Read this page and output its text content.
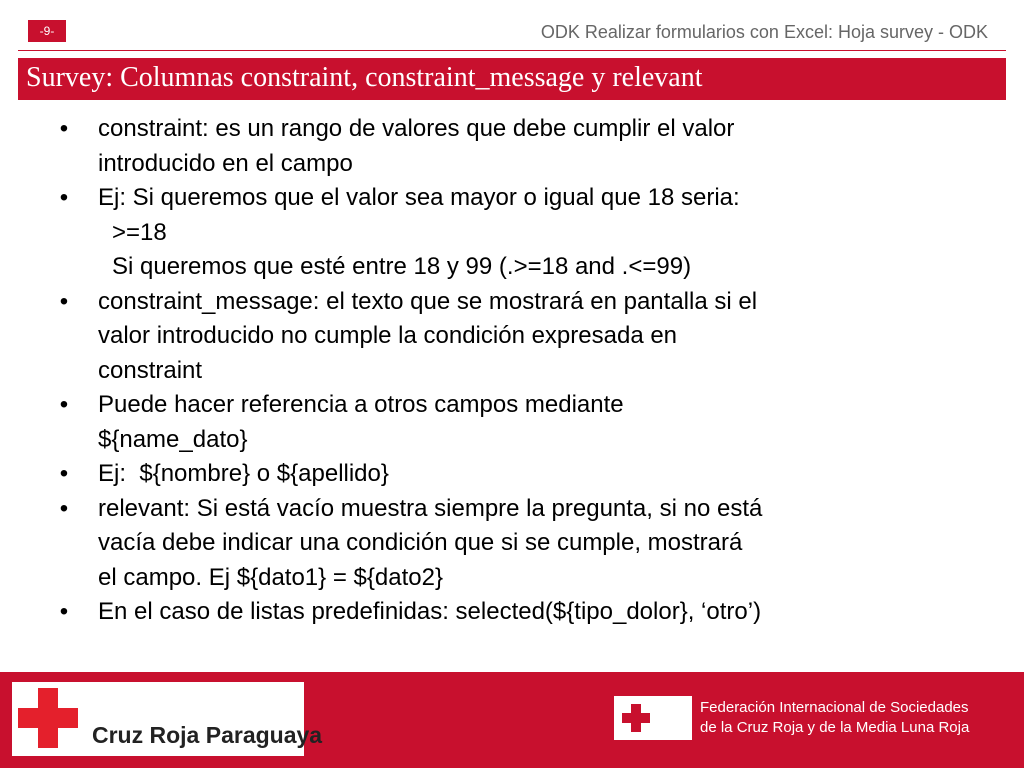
-9-	ODK Realizar formularios con Excel: Hoja survey - ODK
Survey: Columnas constraint, constraint_message y relevant
• constraint: es un rango de valores que debe cumplir el valor
introducido en el campo
• Ej: Si queremos que el valor sea mayor o igual que 18 seria:
>=18
Si queremos que esté entre 18 y 99 (.>=18 and .<=99)
• constraint_message: el texto que se mostrará en pantalla si el
valor introducido no cumple la condición expresada en
constraint
• Puede hacer referencia a otros campos mediante
${name_dato}
• Ej:  ${nombre} o ${apellido}
• relevant: Si está vacío muestra siempre la pregunta, si no está
vacía debe indicar una condición que si se cumple, mostrará
el campo. Ej ${dato1} = ${dato2}
• En el caso de listas predefinidas: selected(${tipo_dolor}, ‘otro’)
Cruz Roja Paraguaya
Federación Internacional de Sociedades
de la Cruz Roja y de la Media Luna Roja
